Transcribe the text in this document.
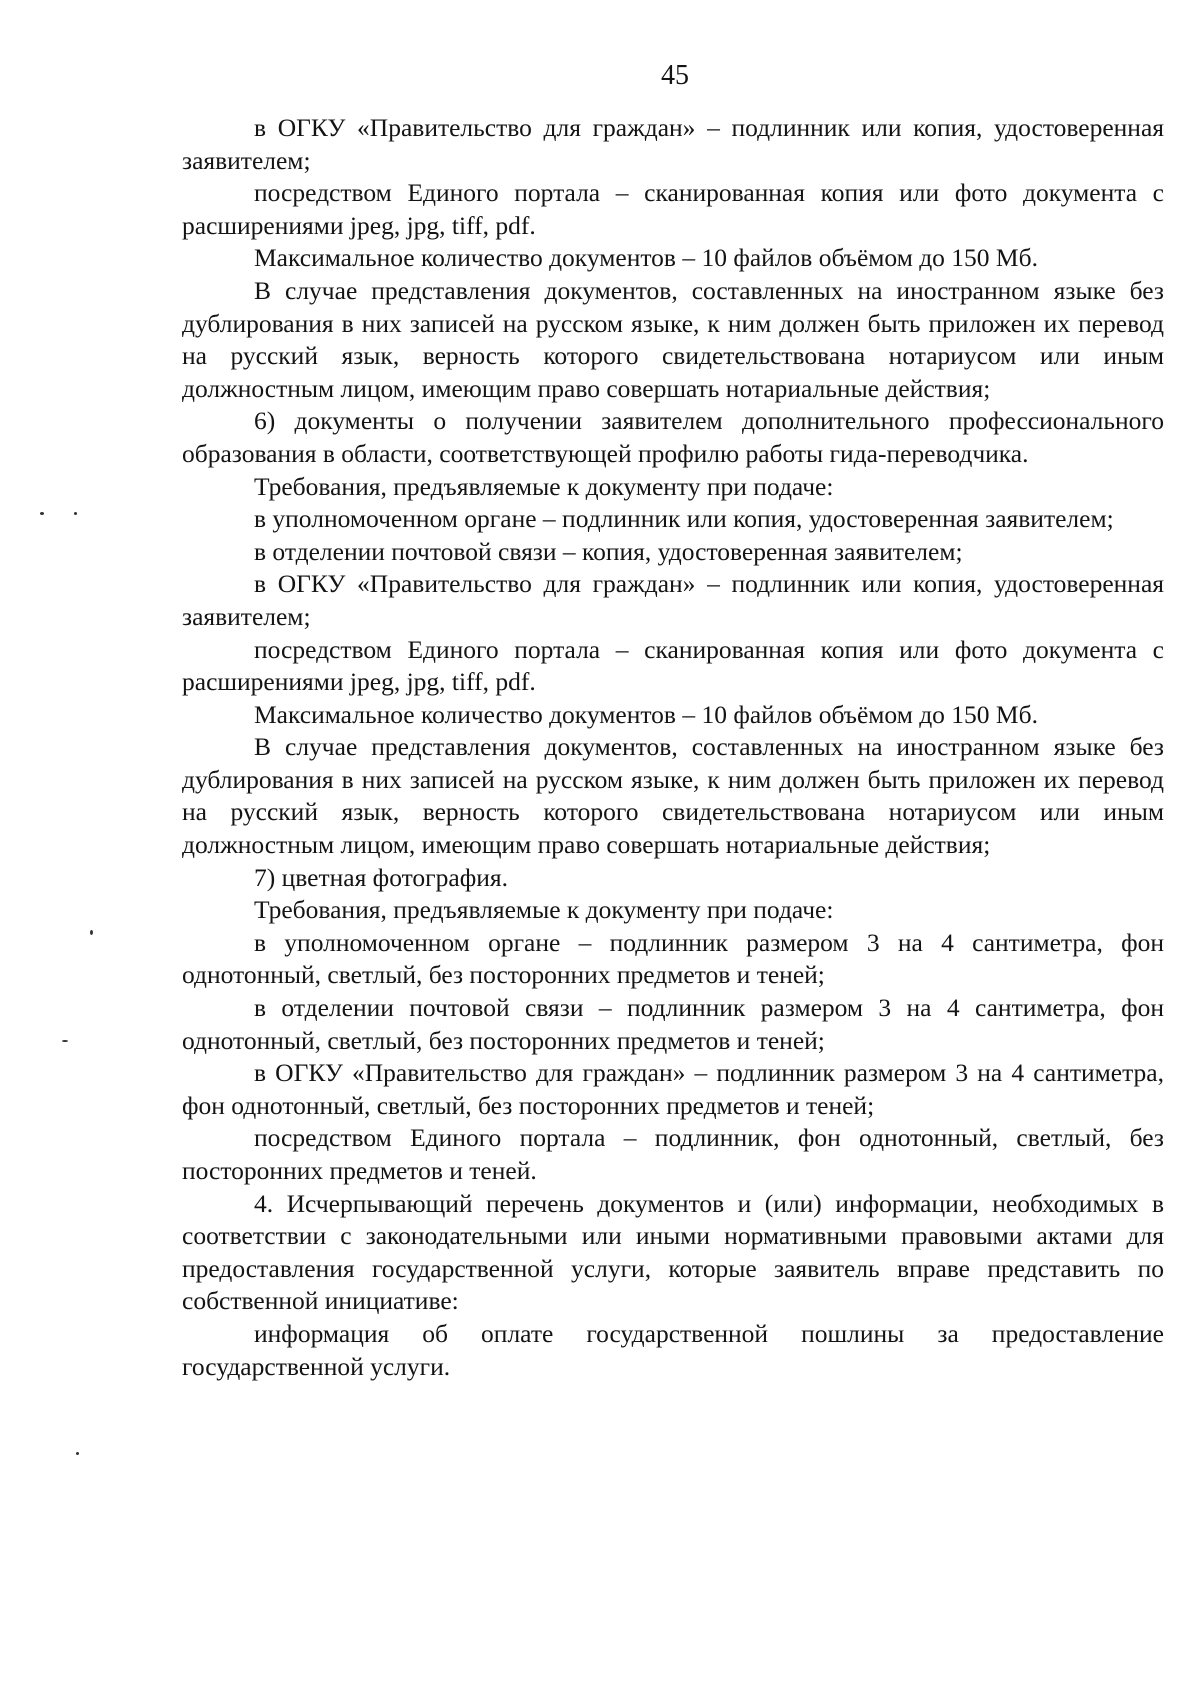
45

в ОГКУ «Правительство для граждан» – подлинник или копия, удостоверенная заявителем;

посредством Единого портала – сканированная копия или фото документа с расширениями jpeg, jpg, tiff, pdf.

Максимальное количество документов – 10 файлов объёмом до 150 Мб.

В случае представления документов, составленных на иностранном языке без дублирования в них записей на русском языке, к ним должен быть приложен их перевод на русский язык, верность которого свидетельствована нотариусом или иным должностным лицом, имеющим право совершать нотариальные действия;

6) документы о получении заявителем дополнительного профессионального образования в области, соответствующей профилю работы гида-переводчика.

Требования, предъявляемые к документу при подаче:

в уполномоченном органе – подлинник или копия, удостоверенная заявителем;

в отделении почтовой связи – копия, удостоверенная заявителем;

в ОГКУ «Правительство для граждан» – подлинник или копия, удостоверенная заявителем;

посредством Единого портала – сканированная копия или фото документа с расширениями jpeg, jpg, tiff, pdf.

Максимальное количество документов – 10 файлов объёмом до 150 Мб.

В случае представления документов, составленных на иностранном языке без дублирования в них записей на русском языке, к ним должен быть приложен их перевод на русский язык, верность которого свидетельствована нотариусом или иным должностным лицом, имеющим право совершать нотариальные действия;

7) цветная фотография.

Требования, предъявляемые к документу при подаче:

в уполномоченном органе – подлинник размером 3 на 4 сантиметра, фон однотонный, светлый, без посторонних предметов и теней;

в отделении почтовой связи – подлинник размером 3 на 4 сантиметра, фон однотонный, светлый, без посторонних предметов и теней;

в ОГКУ «Правительство для граждан» – подлинник размером 3 на 4 сантиметра, фон однотонный, светлый, без посторонних предметов и теней;

посредством Единого портала – подлинник, фон однотонный, светлый, без посторонних предметов и теней.

4. Исчерпывающий перечень документов и (или) информации, необходимых в соответствии с законодательными или иными нормативными правовыми актами для предоставления государственной услуги, которые заявитель вправе представить по собственной инициативе:

информация об оплате государственной пошлины за предоставление государственной услуги.
